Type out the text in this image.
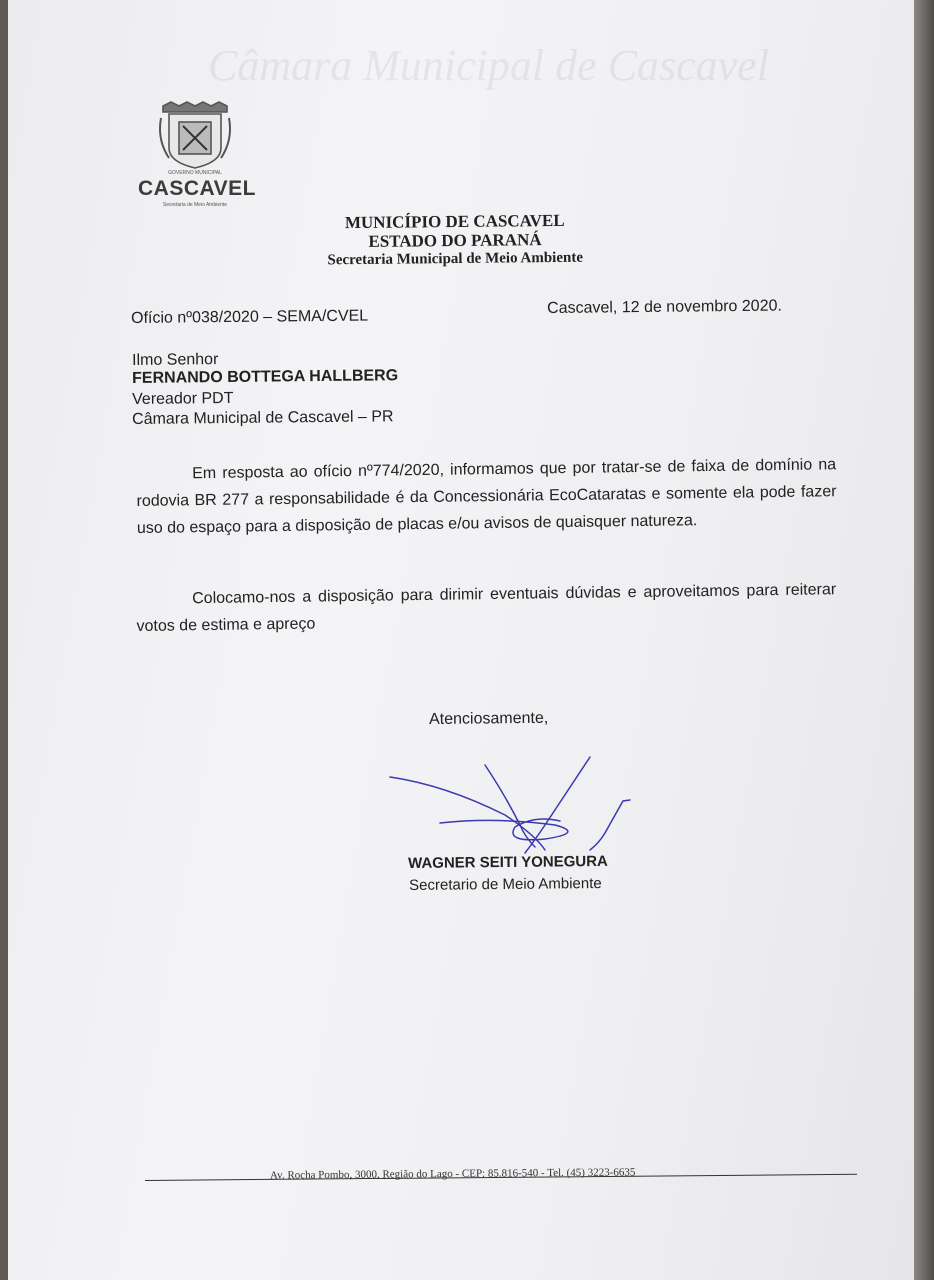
Câmara Municipal de Cascavel
GOVERNO MUNICIPAL
CASCAVEL
Secretaria de Meio Ambiente
MUNICÍPIO DE CASCAVEL
ESTADO DO PARANÁ
Secretaria Municipal de Meio Ambiente
Ofício nº038/2020 – SEMA/CVEL
Cascavel, 12 de novembro 2020.
Ilmo Senhor
FERNANDO BOTTEGA HALLBERG
Vereador PDT
Câmara Municipal de Cascavel – PR

Em resposta ao ofício nº774/2020, informamos que por tratar-se de faixa de domínio na rodovia BR 277 a responsabilidade é da Concessionária EcoCataratas e somente ela pode fazer uso do espaço para a disposição de placas e/ou avisos de quaisquer natureza.

Colocamo-nos a disposição para dirimir eventuais dúvidas e aproveitamos para reiterar votos de estima e apreço

Atenciosamente,
WAGNER SEITI YONEGURA
Secretario de Meio Ambiente
Av. Rocha Pombo, 3000, Região do Lago - CEP: 85.816-540 - Tel. (45) 3223-6635
